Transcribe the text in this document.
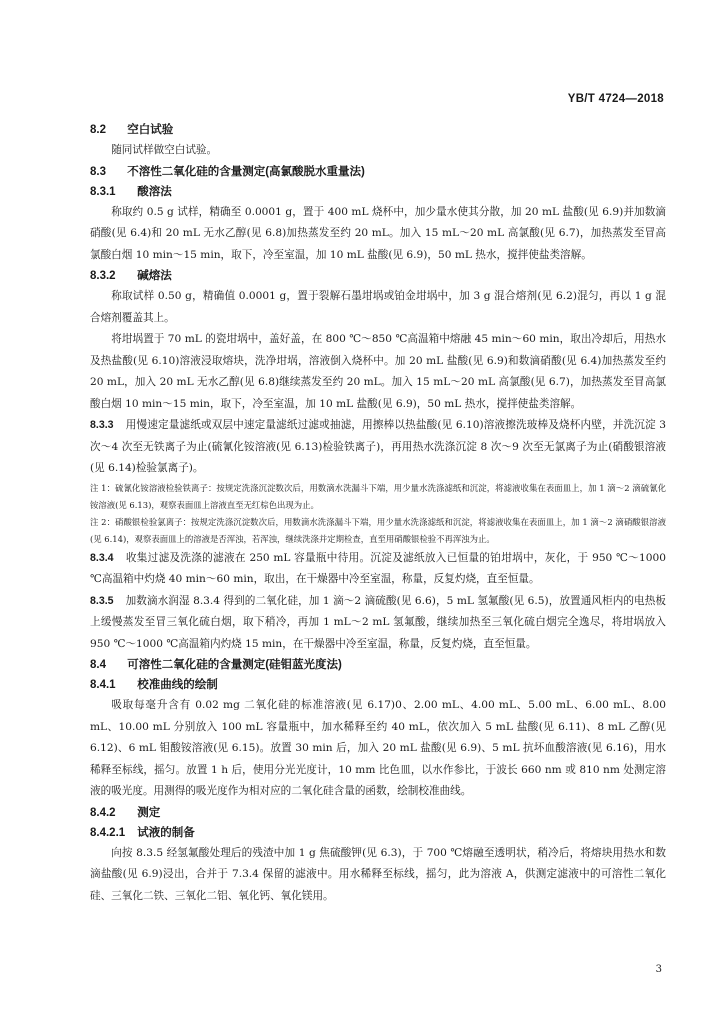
YB/T 4724—2018
8.2 空白试验

随同试样做空白试验。

8.3 不溶性二氧化硅的含量测定(高氯酸脱水重量法)
8.3.1 酸溶法

称取约 0.5 g 试样，精确至 0.0001 g，置于 400 mL 烧杯中，加少量水使其分散，加 20 mL 盐酸(见 6.9)并加数滴硝酸(见 6.4)和 20 mL 无水乙醇(见 6.8)加热蒸发至约 20 mL。加入 15 mL～20 mL 高氯酸(见 6.7)，加热蒸发至冒高氯酸白烟 10 min～15 min，取下，冷至室温，加 10 mL 盐酸(见 6.9)，50 mL 热水，搅拌使盐类溶解。

8.3.2 碱熔法

称取试样 0.50 g，精确值 0.0001 g，置于裂解石墨坩埚或铂金坩埚中，加 3 g 混合熔剂(见 6.2)混匀，再以 1 g 混合熔剂覆盖其上。

将坩埚置于 70 mL 的瓷坩埚中，盖好盖，在 800 ℃～850 ℃高温箱中熔融 45 min～60 min，取出冷却后，用热水及热盐酸(见 6.10)溶液浸取熔块，洗净坩埚，溶液倒入烧杯中。加 20 mL 盐酸(见 6.9)和数滴硝酸(见 6.4)加热蒸发至约 20 mL，加入 20 mL 无水乙醇(见 6.8)继续蒸发至约 20 mL。加入 15 mL～20 mL 高氯酸(见 6.7)，加热蒸发至冒高氯酸白烟 10 min～15 min，取下，冷至室温，加 10 mL 盐酸(见 6.9)，50 mL 热水，搅拌使盐类溶解。

8.3.3 用慢速定量滤纸或双层中速定量滤纸过滤或抽滤，用擦棒以热盐酸(见 6.10)溶液擦洗玻棒及烧杯内壁，并洗沉淀 3 次～4 次至无铁离子为止(硫氰化铵溶液(见 6.13)检验铁离子)，再用热水洗涤沉淀 8 次～9 次至无氯离子为止(硝酸银溶液(见 6.14)检验氯离子)。

注 1：硫氰化铵溶液检验铁离子：按规定洗涤沉淀数次后，用数滴水洗漏斗下端，用少量水洗涤滤纸和沉淀，将滤液收集在表面皿上，加 1 滴～2 滴硫氰化铵溶液(见 6.13)，观察表面皿上溶液直至无红棕色出现为止。

注 2：硝酸银检验氯离子：按规定洗涤沉淀数次后，用数滴水洗涤漏斗下端，用少量水洗涤滤纸和沉淀，将滤液收集在表面皿上，加 1 滴～2 滴硝酸银溶液(见 6.14)，观察表面皿上的溶液是否浑浊，若浑浊，继续洗涤并定期检查，直至用硝酸银检验不再浑浊为止。

8.3.4 收集过滤及洗涤的滤液在 250 mL 容量瓶中待用。沉淀及滤纸放入已恒量的铂坩埚中，灰化，于 950 ℃～1000 ℃高温箱中灼烧 40 min～60 min，取出，在干燥器中冷至室温，称量，反复灼烧，直至恒量。

8.3.5 加数滴水润湿 8.3.4 得到的二氧化硅，加 1 滴～2 滴硫酸(见 6.6)，5 mL 氢氟酸(见 6.5)，放置通风柜内的电热板上缓慢蒸发至冒三氧化硫白烟，取下稍冷，再加 1 mL～2 mL 氢氟酸，继续加热至三氧化硫白烟完全逸尽，将坩埚放入 950 ℃～1000 ℃高温箱内灼烧 15 min，在干燥器中冷至室温，称量，反复灼烧，直至恒量。

8.4 可溶性二氧化硅的含量测定(硅钼蓝光度法)
8.4.1 校准曲线的绘制

吸取每毫升含有 0.02 mg 二氧化硅的标准溶液(见 6.17)0、2.00 mL、4.00 mL、5.00 mL、6.00 mL、8.00 mL、10.00 mL 分别放入 100 mL 容量瓶中，加水稀释至约 40 mL，依次加入 5 mL 盐酸(见 6.11)、8 mL 乙醇(见 6.12)、6 mL 钼酸铵溶液(见 6.15)。放置 30 min 后，加入 20 mL 盐酸(见 6.9)、5 mL 抗坏血酸溶液(见 6.16)，用水稀释至标线，摇匀。放置 1 h 后，使用分光光度计，10 mm 比色皿，以水作参比，于波长 660 nm 或 810 nm 处测定溶液的吸光度。用测得的吸光度作为相对应的二氧化硅含量的函数，绘制校准曲线。

8.4.2 测定
8.4.2.1 试液的制备

向按 8.3.5 经氢氟酸处理后的残渣中加 1 g 焦硫酸钾(见 6.3)，于 700 ℃熔融至透明状，稍冷后，将熔块用热水和数滴盐酸(见 6.9)浸出，合并于 7.3.4 保留的滤液中。用水稀释至标线，摇匀，此为溶液 A，供测定滤液中的可溶性二氧化硅、三氧化二铁、三氧化二铝、氧化钙、氧化镁用。

3
